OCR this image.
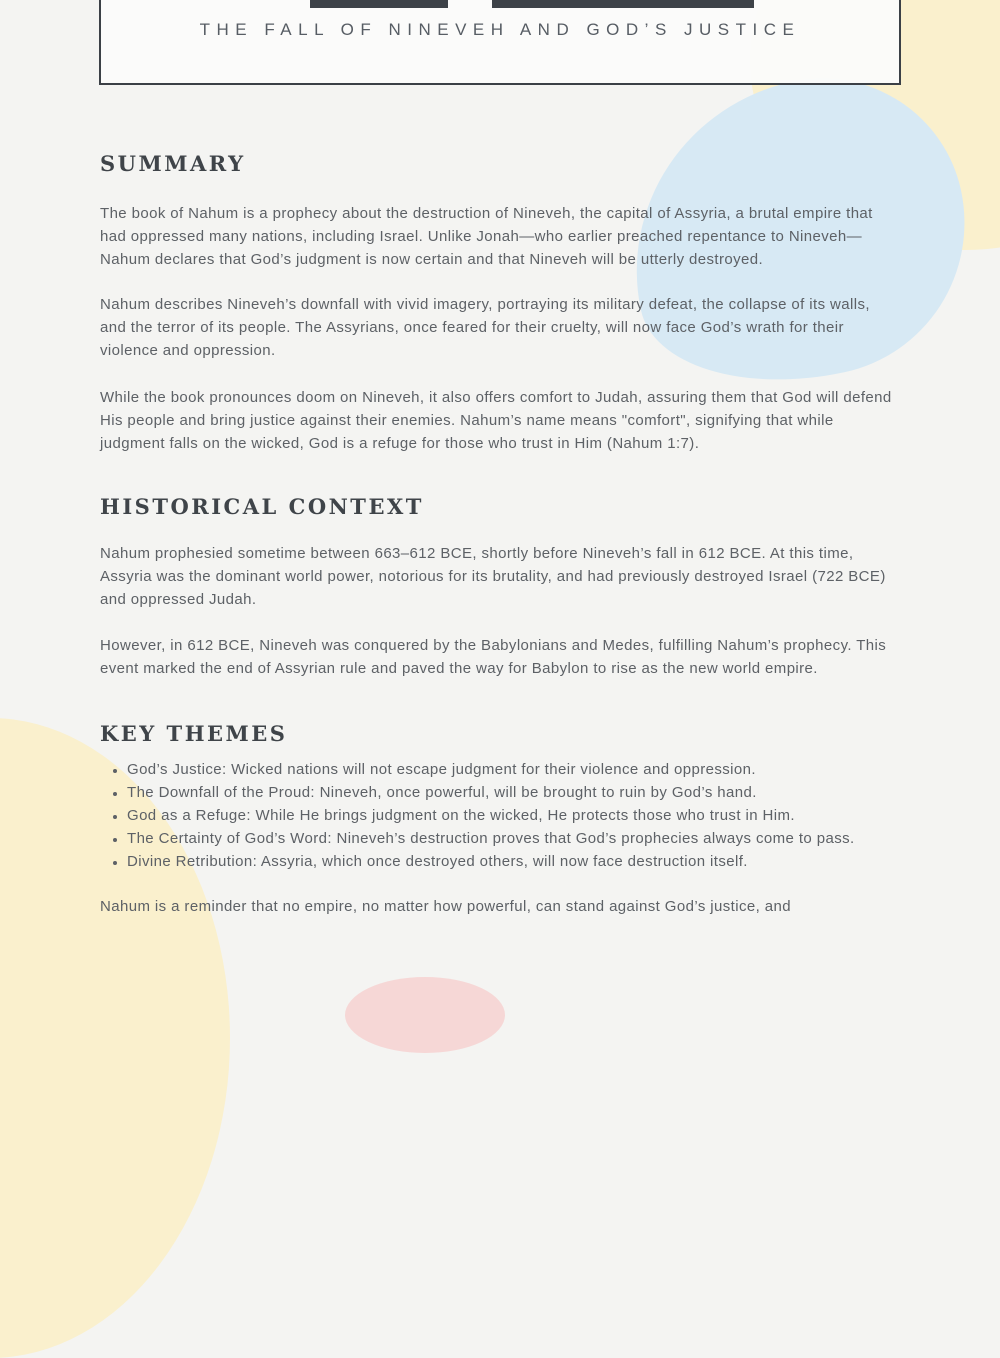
THE FALL OF NINEVEH AND GOD’S JUSTICE
SUMMARY

The book of Nahum is a prophecy about the destruction of Nineveh, the capital of Assyria, a brutal empire that had oppressed many nations, including Israel. Unlike Jonah—who earlier preached repentance to Nineveh—Nahum declares that God’s judgment is now certain and that Nineveh will be utterly destroyed.

Nahum describes Nineveh’s downfall with vivid imagery, portraying its military defeat, the collapse of its walls, and the terror of its people. The Assyrians, once feared for their cruelty, will now face God’s wrath for their violence and oppression.

While the book pronounces doom on Nineveh, it also offers comfort to Judah, assuring them that God will defend His people and bring justice against their enemies. Nahum’s name means "comfort", signifying that while judgment falls on the wicked, God is a refuge for those who trust in Him (Nahum 1:7).

HISTORICAL CONTEXT

Nahum prophesied sometime between 663–612 BCE, shortly before Nineveh’s fall in 612 BCE. At this time, Assyria was the dominant world power, notorious for its brutality, and had previously destroyed Israel (722 BCE) and oppressed Judah.

However, in 612 BCE, Nineveh was conquered by the Babylonians and Medes, fulfilling Nahum’s prophecy. This event marked the end of Assyrian rule and paved the way for Babylon to rise as the new world empire.

KEY THEMES
• God’s Justice: Wicked nations will not escape judgment for their violence and oppression.
• The Downfall of the Proud: Nineveh, once powerful, will be brought to ruin by God’s hand.
• God as a Refuge: While He brings judgment on the wicked, He protects those who trust in Him.
• The Certainty of God’s Word: Nineveh’s destruction proves that God’s prophecies always come to pass.
• Divine Retribution: Assyria, which once destroyed others, will now face destruction itself.

Nahum is a reminder that no empire, no matter how powerful, can stand against God’s justice, and
